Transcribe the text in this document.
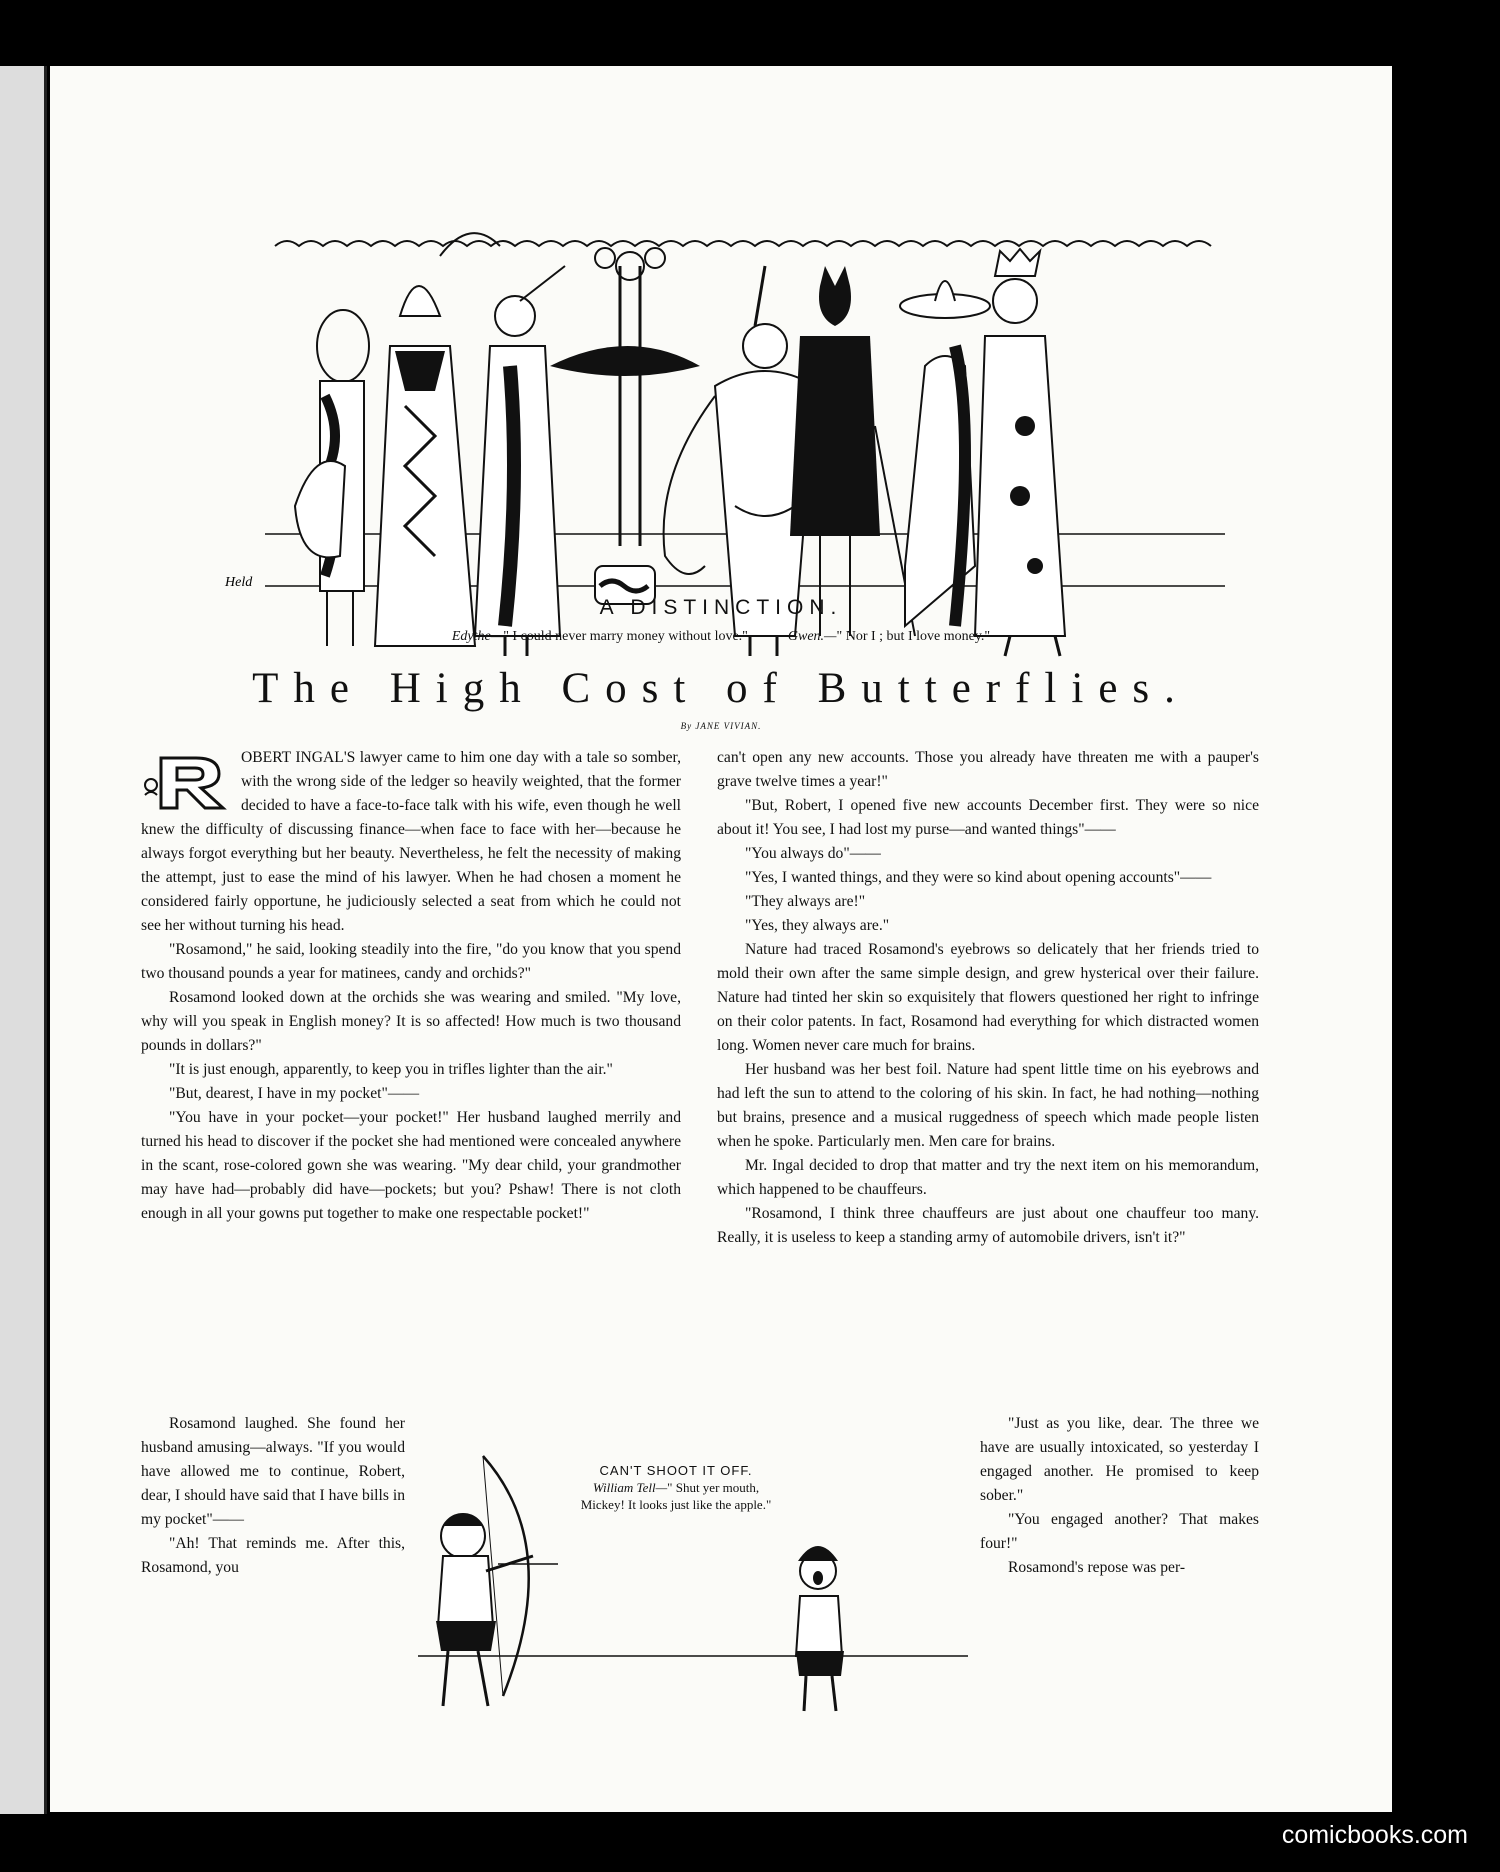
Held
A DISTINCTION.
Edythe—" I could never marry money without love."	Gwen.—" Nor I ; but I love money."
The High Cost of Butterflies.
By JANE VIVIAN.

OBERT INGAL'S lawyer came to him one day with a tale so somber, with the wrong side of the ledger so heavily weighted, that the former decided to have a face-to-face talk with his wife, even though he well knew the difficulty of discussing finance—when face to face with her—because he always forgot everything but her beauty. Nevertheless, he felt the necessity of making the attempt, just to ease the mind of his lawyer. When he had chosen a moment he considered fairly opportune, he judiciously selected a seat from which he could not see her without turning his head.

"Rosamond," he said, looking steadily into the fire, "do you know that you spend two thousand pounds a year for matinees, candy and orchids?"

Rosamond looked down at the orchids she was wearing and smiled. "My love, why will you speak in English money? It is so affected! How much is two thousand pounds in dollars?"

"It is just enough, apparently, to keep you in trifles lighter than the air."

"But, dearest, I have in my pocket"——

"You have in your pocket—your pocket!" Her husband laughed merrily and turned his head to discover if the pocket she had mentioned were concealed anywhere in the scant, rose-colored gown she was wearing. "My dear child, your grandmother may have had—probably did have—pockets; but you? Pshaw! There is not cloth enough in all your gowns put together to make one respectable pocket!"

Rosamond laughed. She found her husband amusing—always. "If you would have allowed me to continue, Robert, dear, I should have said that I have bills in my pocket"——

"Ah! That reminds me. After this, Rosamond, you

can't open any new accounts. Those you already have threaten me with a pauper's grave twelve times a year!"

"But, Robert, I opened five new accounts December first. They were so nice about it! You see, I had lost my purse—and wanted things"——

"You always do"——

"Yes, I wanted things, and they were so kind about opening accounts"——

"They always are!"

"Yes, they always are."

Nature had traced Rosamond's eyebrows so delicately that her friends tried to mold their own after the same simple design, and grew hysterical over their failure. Nature had tinted her skin so exquisitely that flowers questioned her right to infringe on their color patents. In fact, Rosamond had everything for which distracted women long. Women never care much for brains.

Her husband was her best foil. Nature had spent little time on his eyebrows and had left the sun to attend to the coloring of his skin. In fact, he had nothing—nothing but brains, presence and a musical ruggedness of speech which made people listen when he spoke. Particularly men. Men care for brains.

Mr. Ingal decided to drop that matter and try the next item on his memorandum, which happened to be chauffeurs.

"Rosamond, I think three chauffeurs are just about one chauffeur too many. Really, it is useless to keep a standing army of automobile drivers, isn't it?"

"Just as you like, dear. The three we have are usually intoxicated, so yesterday I engaged another. He promised to keep sober."

"You engaged another? That makes four!"

Rosamond's repose was per-

CAN'T SHOOT IT OFF.
William Tell—" Shut yer mouth, Mickey! It looks just like the apple."
comicbooks.com
